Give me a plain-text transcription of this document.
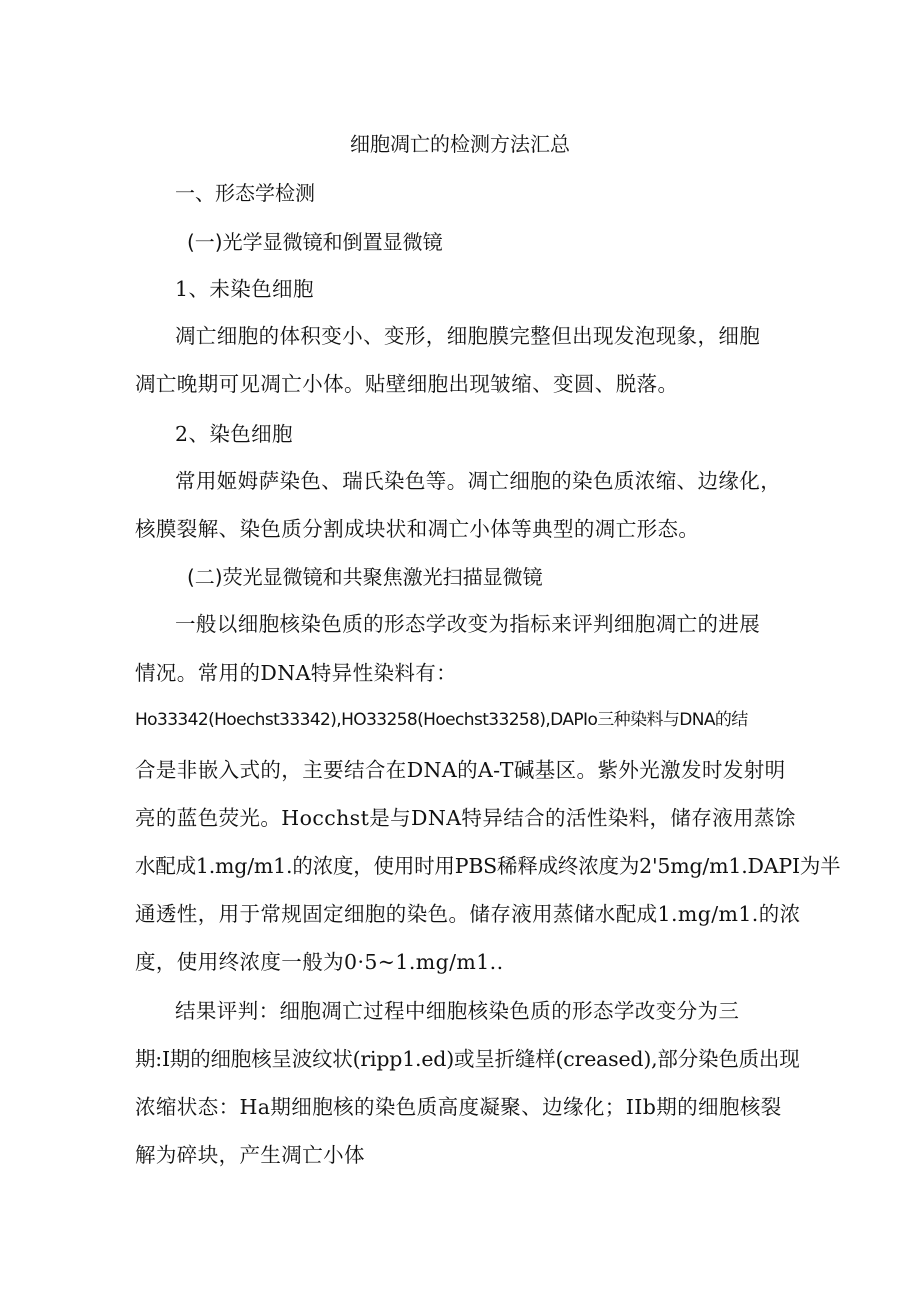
细胞凋亡的检测方法汇总
一、形态学检测
(一)光学显微镜和倒置显微镜
1、未染色细胞
凋亡细胞的体积变小、变形，细胞膜完整但出现发泡现象，细胞
凋亡晚期可见凋亡小体。贴壁细胞出现皱缩、变圆、脱落。
2、染色细胞
常用姬姆萨染色、瑞氏染色等。凋亡细胞的染色质浓缩、边缘化，
核膜裂解、染色质分割成块状和凋亡小体等典型的凋亡形态。
(二)荧光显微镜和共聚焦激光扫描显微镜
一般以细胞核染色质的形态学改变为指标来评判细胞凋亡的进展
情况。常用的DNA特异性染料有：
Ho33342(Hoechst33342),HO33258(Hoechst33258),DAPIo三种染料与DNA的结
合是非嵌入式的，主要结合在DNA的A-T碱基区。紫外光激发时发射明
亮的蓝色荧光。Hocchst是与DNA特异结合的活性染料，储存液用蒸馀
水配成1.mg∕m1.的浓度，使用时用PBS稀释成终浓度为2'5mg∕m1.DAPI为半
通透性，用于常规固定细胞的染色。储存液用蒸储水配成1.mg∕m1.的浓
度，使用终浓度一般为0·5~1.mg∕m1..
结果评判：细胞凋亡过程中细胞核染色质的形态学改变分为三
期:I期的细胞核呈波纹状(ripp1.ed)或呈折缝样(creased),部分染色质出现
浓缩状态：Ha期细胞核的染色质高度凝聚、边缘化；IIb期的细胞核裂
解为碎块，产生凋亡小体
